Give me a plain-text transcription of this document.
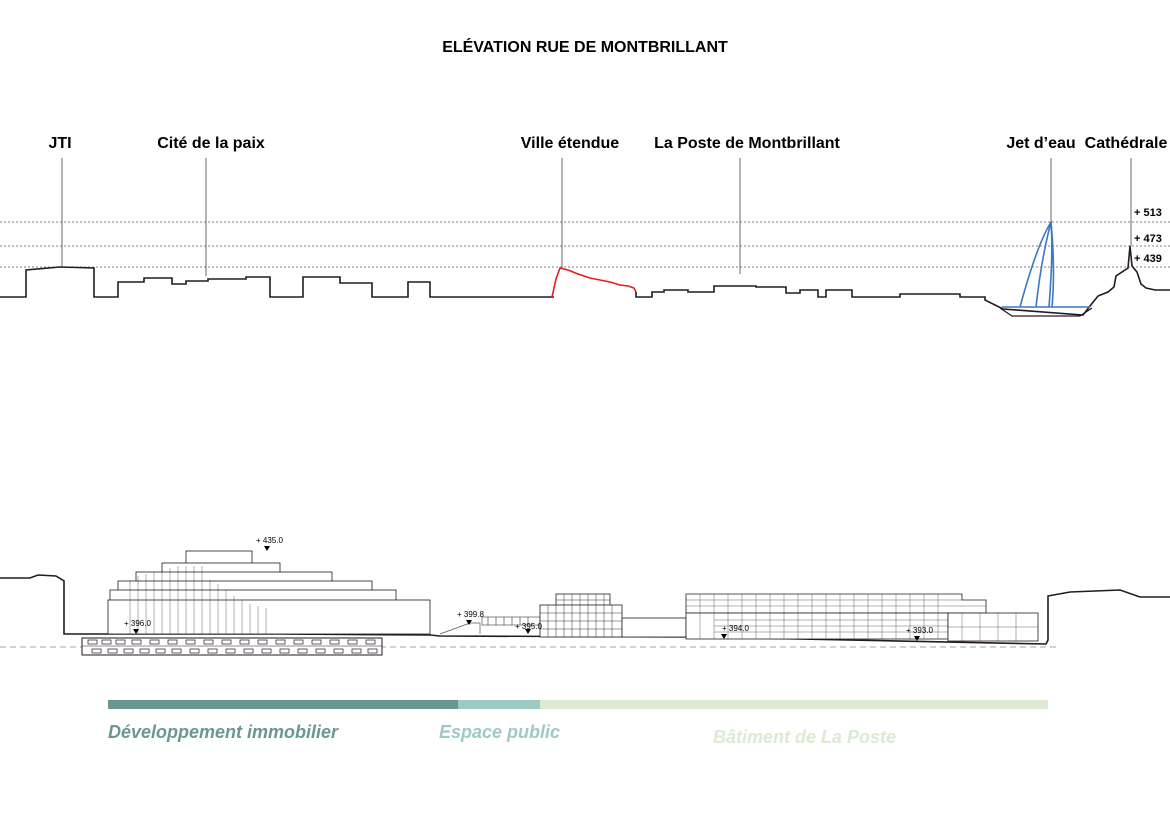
ELÉVATION RUE DE MONTBRILLANT
JTI	Cité de la paix	Ville étendue La Poste de Montbrillant	Jet d’eau Cathédrale
+ 513
+ 473
+ 439
+ 435.0
+ 396.0
+ 399.8
+ 395.0	+ 394.0	+ 393.0
Développement immobilier	Espace public	Bâtiment de La Poste
